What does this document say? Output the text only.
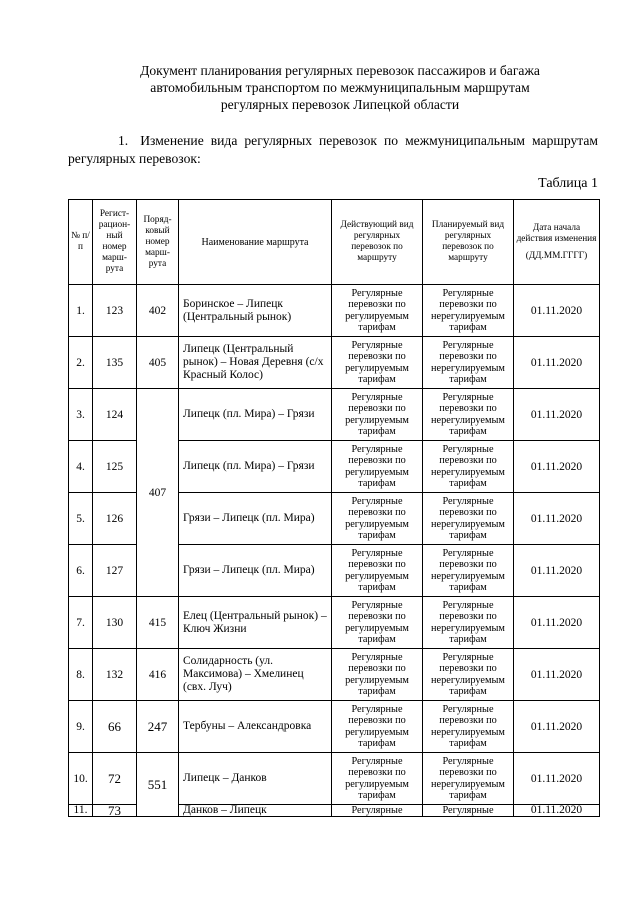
Документ планирования регулярных перевозок пассажиров и багажа
автомобильным транспортом по межмуниципальным маршрутам
регулярных перевозок Липецкой области
1. Изменение вида регулярных перевозок по межмуниципальным маршрутам регулярных перевозок:
Таблица 1
№ п/п	Регист- рацион- ный номер марш- рута	Поряд- ковый номер марш- рута	Наименование маршрута	Действующий вид регулярных перевозок по маршруту	Планируемый вид регулярных перевозок по маршруту	Дата начала действия изменения
(ДД.ММ.ГГГГ)

1.	123	402	Боринское – Липецк (Центральный рынок)	Регулярные перевозки по регулируемым тарифам	Регулярные перевозки по нерегулируемым тарифам	01.11.2020
2.	135	405	Липецк (Центральный рынок) – Новая Деревня (с/х Красный Колос)	Регулярные перевозки по регулируемым тарифам	Регулярные перевозки по нерегулируемым тарифам	01.11.2020
3.	124	407	Липецк (пл. Мира) – Грязи	Регулярные перевозки по регулируемым тарифам	Регулярные перевозки по нерегулируемым тарифам	01.11.2020
4.	125		Липецк (пл. Мира) – Грязи	Регулярные перевозки по регулируемым тарифам	Регулярные перевозки по нерегулируемым тарифам	01.11.2020
5.	126		Грязи – Липецк (пл. Мира)	Регулярные перевозки по регулируемым тарифам	Регулярные перевозки по нерегулируемым тарифам	01.11.2020
6.	127		Грязи – Липецк (пл. Мира)	Регулярные перевозки по регулируемым тарифам	Регулярные перевозки по нерегулируемым тарифам	01.11.2020
7.	130	415	Елец (Центральный рынок) – Ключ Жизни	Регулярные перевозки по регулируемым тарифам	Регулярные перевозки по нерегулируемым тарифам	01.11.2020
8.	132	416	Солидарность (ул. Максимова) – Хмелинец (свх. Луч)	Регулярные перевозки по регулируемым тарифам	Регулярные перевозки по нерегулируемым тарифам	01.11.2020
9.	66	247	Тербуны – Александровка	Регулярные перевозки по регулируемым тарифам	Регулярные перевозки по нерегулируемым тарифам	01.11.2020
10.	72	551	Липецк – Данков	Регулярные перевозки по регулируемым тарифам	Регулярные перевозки по нерегулируемым тарифам	01.11.2020
11.	73		Данков – Липецк	Регулярные	Регулярные	01.11.2020
